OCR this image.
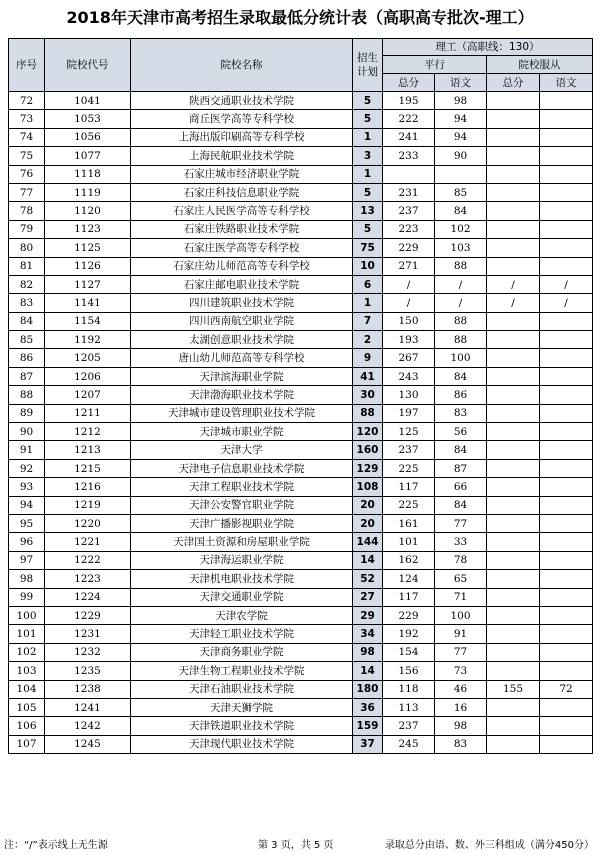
2018年天津市高考招生录取最低分统计表（高职高专批次-理工）
序号	院校代号	院校名称	招生计划	理工（高职线：130）			
				平行		院校服从	
				总分	语文	总分	语文
72	1041	陕西交通职业技术学院	5	195	98		
73	1053	商丘医学高等专科学校	5	222	94		
74	1056	上海出版印刷高等专科学校	1	241	94		
75	1077	上海民航职业技术学院	3	233	90		
76	1118	石家庄城市经济职业学院	1				
77	1119	石家庄科技信息职业学院	5	231	85		
78	1120	石家庄人民医学高等专科学校	13	237	84		
79	1123	石家庄铁路职业技术学院	5	223	102		
80	1125	石家庄医学高等专科学校	75	229	103		
81	1126	石家庄幼儿师范高等专科学校	10	271	88		
82	1127	石家庄邮电职业技术学院	6	/	/	/	/
83	1141	四川建筑职业技术学院	1	/	/	/	/
84	1154	四川西南航空职业学院	7	150	88		
85	1192	太湖创意职业技术学院	2	193	88		
86	1205	唐山幼儿师范高等专科学校	9	267	100		
87	1206	天津滨海职业学院	41	243	84		
88	1207	天津渤海职业技术学院	30	130	86		
89	1211	天津城市建设管理职业技术学院	88	197	83		
90	1212	天津城市职业学院	120	125	56		
91	1213	天津大学	160	237	84		
92	1215	天津电子信息职业技术学院	129	225	87		
93	1216	天津工程职业技术学院	108	117	66		
94	1219	天津公安警官职业学院	20	225	84		
95	1220	天津广播影视职业学院	20	161	77		
96	1221	天津国土资源和房屋职业学院	144	101	33		
97	1222	天津海运职业学院	14	162	78		
98	1223	天津机电职业技术学院	52	124	65		
99	1224	天津交通职业学院	27	117	71		
100	1229	天津农学院	29	229	100		
101	1231	天津轻工职业技术学院	34	192	91		
102	1232	天津商务职业学院	98	154	77		
103	1235	天津生物工程职业技术学院	14	156	73		
104	1238	天津石油职业技术学院	180	118	46	155	72
105	1241	天津天狮学院	36	113	16		
106	1242	天津铁道职业技术学院	159	237	98		
107	1245	天津现代职业技术学院	37	245	83		
注：“/”表示线上无生源	第 3 页，共 5 页	录取总分由语、数、外三科组成（满分450分）
